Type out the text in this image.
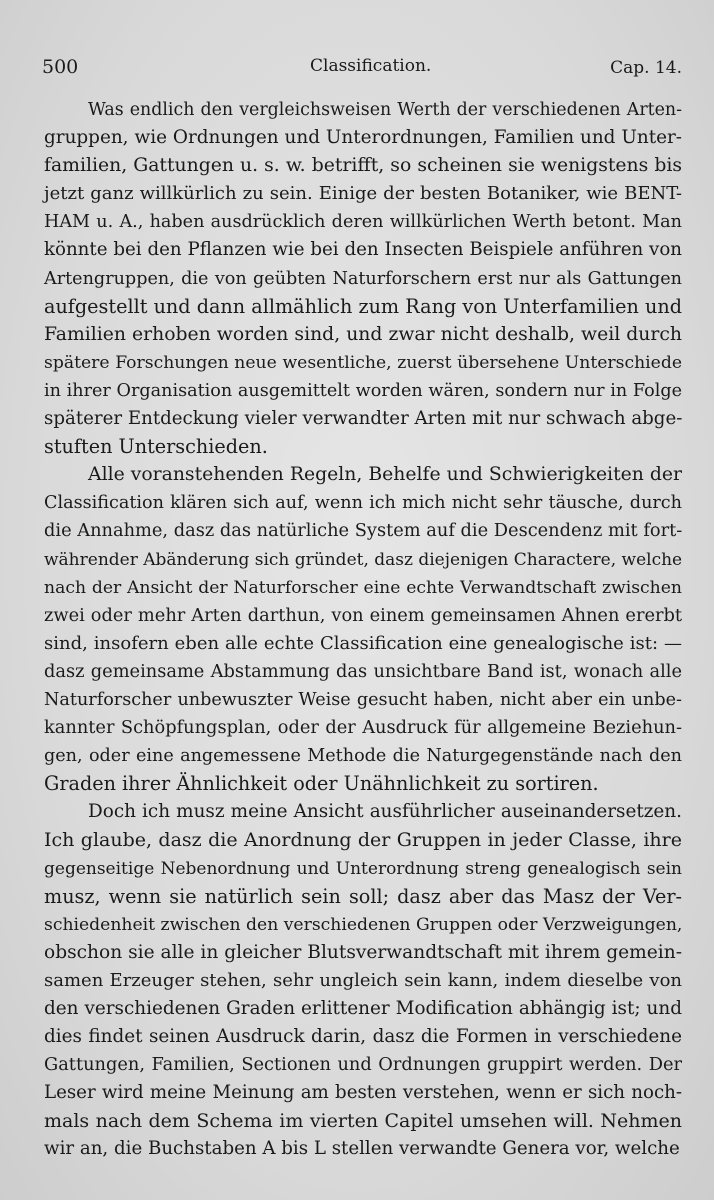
500	Classification.	Cap. 14.
Was endlich den vergleichsweisen Werth der verschiedenen Arten-
gruppen, wie Ordnungen und Unterordnungen, Familien und Unter-
familien, Gattungen u. s. w. betrifft, so scheinen sie wenigstens bis
jetzt ganz willkürlich zu sein. Einige der besten Botaniker, wie BENT-
HAM u. A., haben ausdrücklich deren willkürlichen Werth betont. Man
könnte bei den Pflanzen wie bei den Insecten Beispiele anführen von
Artengruppen, die von geübten Naturforschern erst nur als Gattungen
aufgestellt und dann allmählich zum Rang von Unterfamilien und
Familien erhoben worden sind, und zwar nicht deshalb, weil durch
spätere Forschungen neue wesentliche, zuerst übersehene Unterschiede
in ihrer Organisation ausgemittelt worden wären, sondern nur in Folge
späterer Entdeckung vieler verwandter Arten mit nur schwach abge-
stuften Unterschieden.
Alle voranstehenden Regeln, Behelfe und Schwierigkeiten der
Classification klären sich auf, wenn ich mich nicht sehr täusche, durch
die Annahme, dasz das natürliche System auf die Descendenz mit fort-
währender Abänderung sich gründet, dasz diejenigen Charactere, welche
nach der Ansicht der Naturforscher eine echte Verwandtschaft zwischen
zwei oder mehr Arten darthun, von einem gemeinsamen Ahnen ererbt
sind, insofern eben alle echte Classification eine genealogische ist: —
dasz gemeinsame Abstammung das unsichtbare Band ist, wonach alle
Naturforscher unbewuszter Weise gesucht haben, nicht aber ein unbe-
kannter Schöpfungsplan, oder der Ausdruck für allgemeine Beziehun-
gen, oder eine angemessene Methode die Naturgegenstände nach den
Graden ihrer Ähnlichkeit oder Unähnlichkeit zu sortiren.
Doch ich musz meine Ansicht ausführlicher auseinandersetzen.
Ich glaube, dasz die Anordnung der Gruppen in jeder Classe, ihre
gegenseitige Nebenordnung und Unterordnung streng genealogisch sein
musz, wenn sie natürlich sein soll; dasz aber das Masz der Ver-
schiedenheit zwischen den verschiedenen Gruppen oder Verzweigungen,
obschon sie alle in gleicher Blutsverwandtschaft mit ihrem gemein-
samen Erzeuger stehen, sehr ungleich sein kann, indem dieselbe von
den verschiedenen Graden erlittener Modification abhängig ist; und
dies findet seinen Ausdruck darin, dasz die Formen in verschiedene
Gattungen, Familien, Sectionen und Ordnungen gruppirt werden. Der
Leser wird meine Meinung am besten verstehen, wenn er sich noch-
mals nach dem Schema im vierten Capitel umsehen will. Nehmen
wir an, die Buchstaben A bis L stellen verwandte Genera vor, welche
